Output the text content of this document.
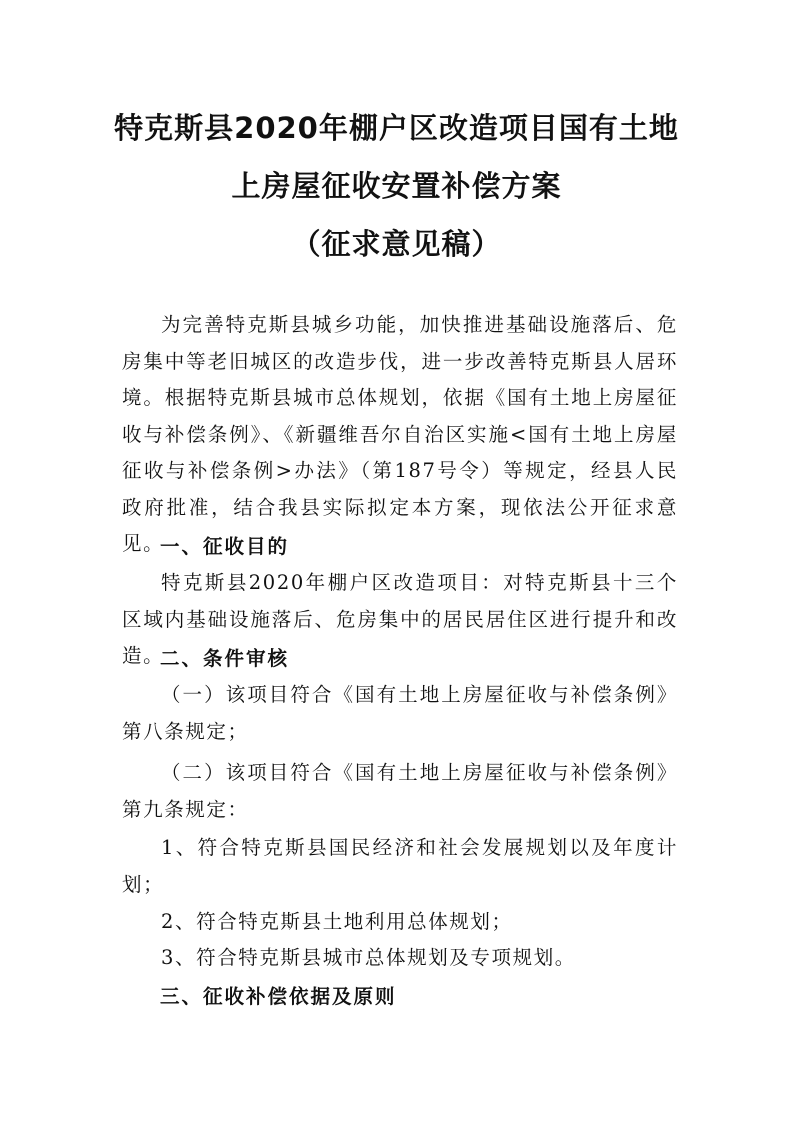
特克斯县2020年棚户区改造项目国有土地
上房屋征收安置补偿方案
（征求意见稿）

为完善特克斯县城乡功能，加快推进基础设施落后、危房集中等老旧城区的改造步伐，进一步改善特克斯县人居环境。根据特克斯县城市总体规划，依据《国有土地上房屋征收与补偿条例》、《新疆维吾尔自治区实施<国有土地上房屋征收与补偿条例>办法》（第187号令）等规定，经县人民政府批准，结合我县实际拟定本方案，现依法公开征求意见。

一、征收目的

特克斯县2020年棚户区改造项目：对特克斯县十三个区域内基础设施落后、危房集中的居民居住区进行提升和改造。

二、条件审核

（一）该项目符合《国有土地上房屋征收与补偿条例》第八条规定；

（二）该项目符合《国有土地上房屋征收与补偿条例》第九条规定：

1、符合特克斯县国民经济和社会发展规划以及年度计划；

2、符合特克斯县土地利用总体规划；

3、符合特克斯县城市总体规划及专项规划。

三、征收补偿依据及原则
